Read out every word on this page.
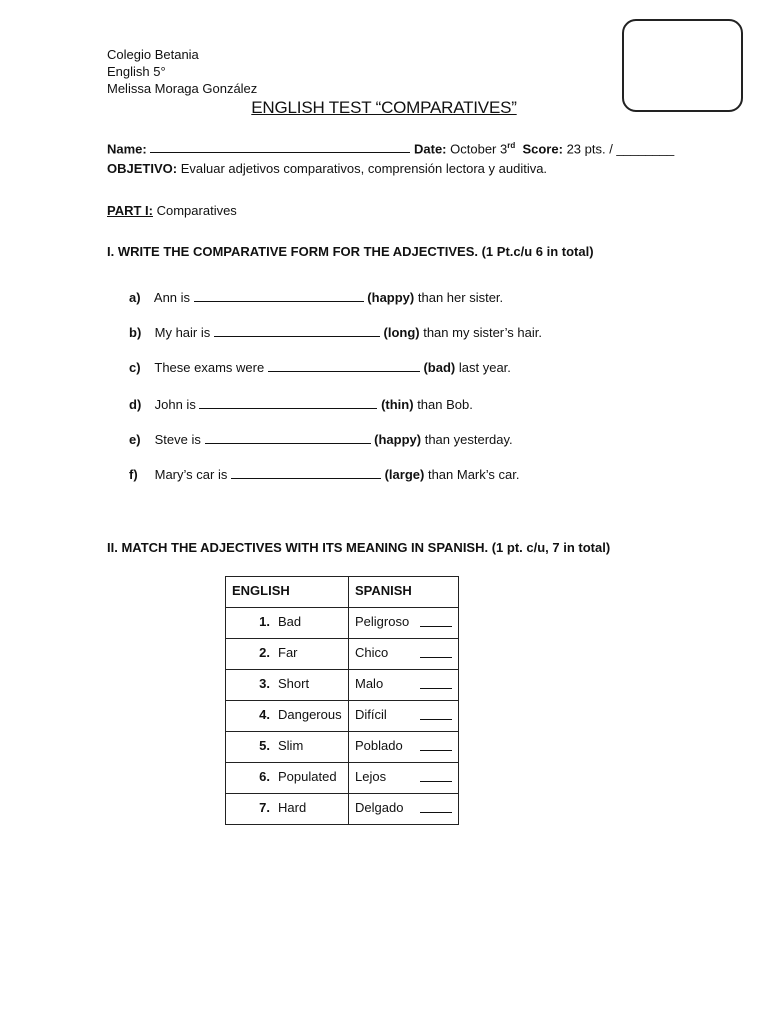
Colegio Betania
English 5°
Melissa Moraga González
ENGLISH TEST “COMPARATIVES”
Name:	Date: October 3rd Score: 23 pts. / ________
OBJETIVO: Evaluar adjetivos comparativos, comprensión lectora y auditiva.
PART I: Comparatives
I. WRITE THE COMPARATIVE FORM FOR THE ADJECTIVES. (1 Pt.c/u 6 in total)
a) Ann is	(happy) than her sister.
b) My hair is	(long) than my sister’s hair.
c) These exams were	(bad) last year.
d) John is	(thin) than Bob.
e) Steve is	(happy) than yesterday.
f) Mary’s car is	(large) than Mark’s car.
II. MATCH THE ADJECTIVES WITH ITS MEANING IN SPANISH. (1 pt. c/u, 7 in total)
ENGLISH	SPANISH
1. Bad	Peligroso

2. Far	Chico

3. Short	Malo

4. Dangerous	Difícil

5. Slim	Poblado

6. Populated	Lejos

7. Hard	Delgado
